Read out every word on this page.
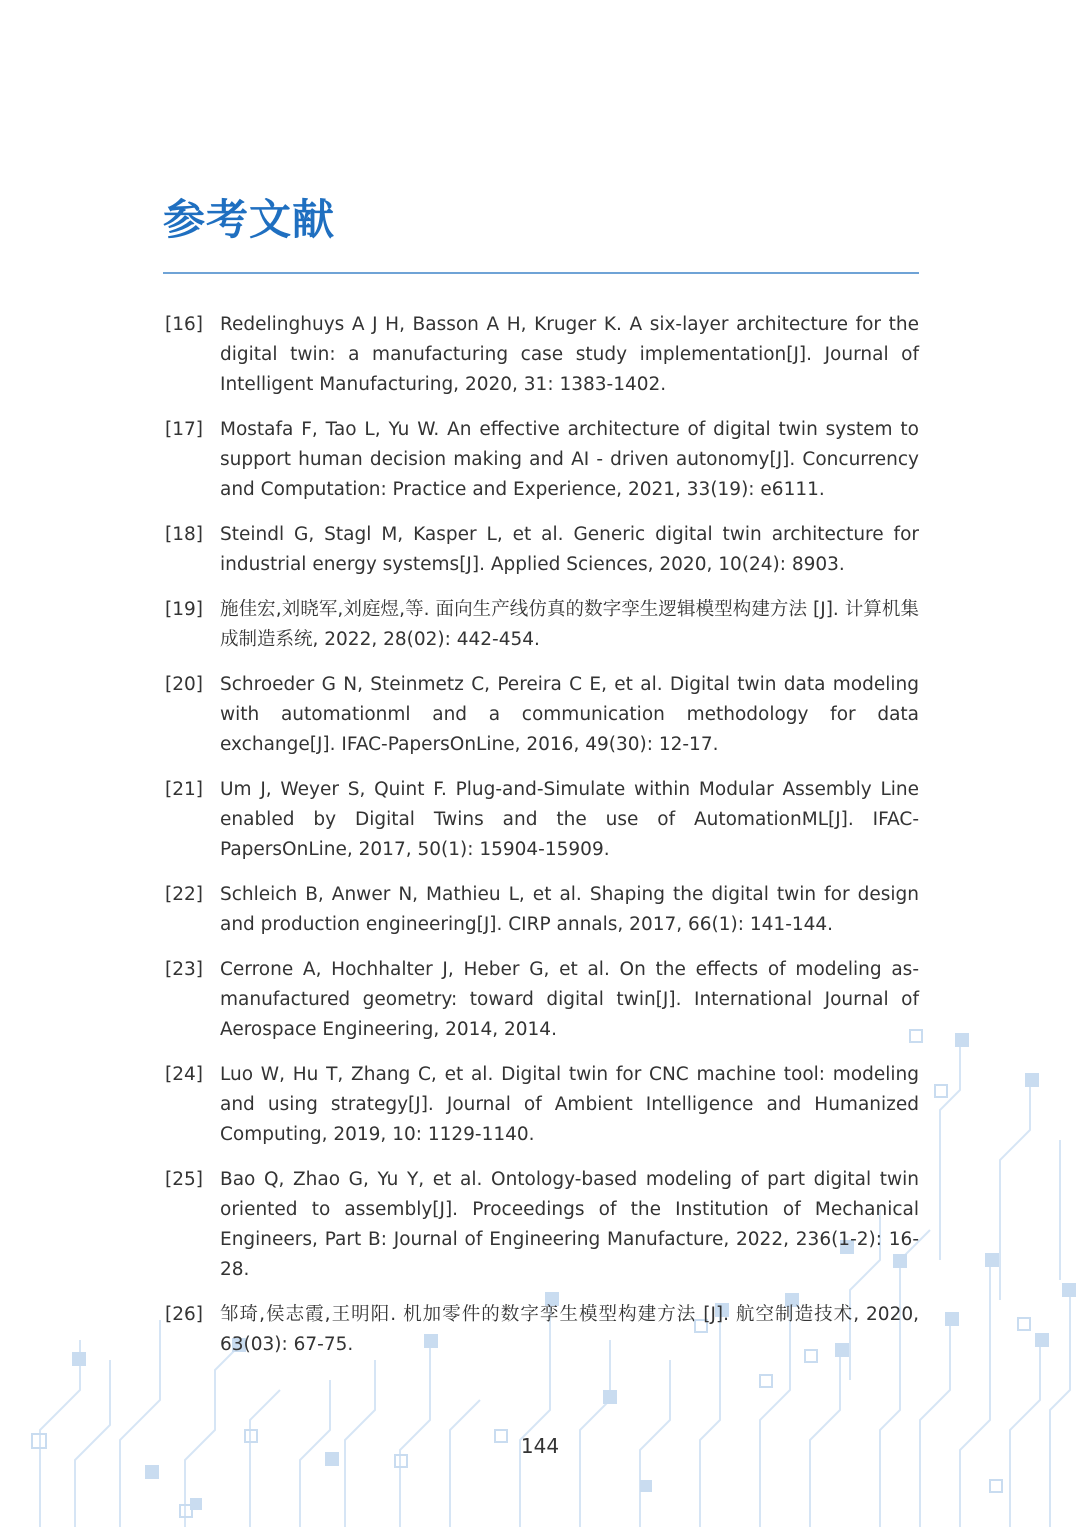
参考文献
[16] Redelinghuys A J H, Basson A H, Kruger K. A six-layer architecture for the digital twin: a manufacturing case study implementation[J]. Journal of Intelligent Manufacturing, 2020, 31: 1383-1402.
[17] Mostafa F, Tao L, Yu W. An effective architecture of digital twin system to support human decision making and AI - driven autonomy[J]. Concurrency and Computation: Practice and Experience, 2021, 33(19): e6111.
[18] Steindl G, Stagl M, Kasper L, et al. Generic digital twin architecture for industrial energy systems[J]. Applied Sciences, 2020, 10(24): 8903.
[19] 施佳宏,刘晓军,刘庭煜,等. 面向生产线仿真的数字孪生逻辑模型构建方法 [J]. 计算机集成制造系统, 2022, 28(02): 442-454.
[20] Schroeder G N, Steinmetz C, Pereira C E, et al. Digital twin data modeling with automationml and a communication methodology for data exchange[J]. IFAC-PapersOnLine, 2016, 49(30): 12-17.
[21] Um J, Weyer S, Quint F. Plug-and-Simulate within Modular Assembly Line enabled by Digital Twins and the use of AutomationML[J]. IFAC-PapersOnLine, 2017, 50(1): 15904-15909.
[22] Schleich B, Anwer N, Mathieu L, et al. Shaping the digital twin for design and production engineering[J]. CIRP annals, 2017, 66(1): 141-144.
[23] Cerrone A, Hochhalter J, Heber G, et al. On the effects of modeling as-manufactured geometry: toward digital twin[J]. International Journal of Aerospace Engineering, 2014, 2014.
[24] Luo W, Hu T, Zhang C, et al. Digital twin for CNC machine tool: modeling and using strategy[J]. Journal of Ambient Intelligence and Humanized Computing, 2019, 10: 1129-1140.
[25] Bao Q, Zhao G, Yu Y, et al. Ontology-based modeling of part digital twin oriented to assembly[J]. Proceedings of the Institution of Mechanical Engineers, Part B: Journal of Engineering Manufacture, 2022, 236(1-2): 16-28.
[26] 邹琦,侯志霞,王明阳. 机加零件的数字孪生模型构建方法 [J]. 航空制造技术, 2020, 63(03): 67-75.
144
